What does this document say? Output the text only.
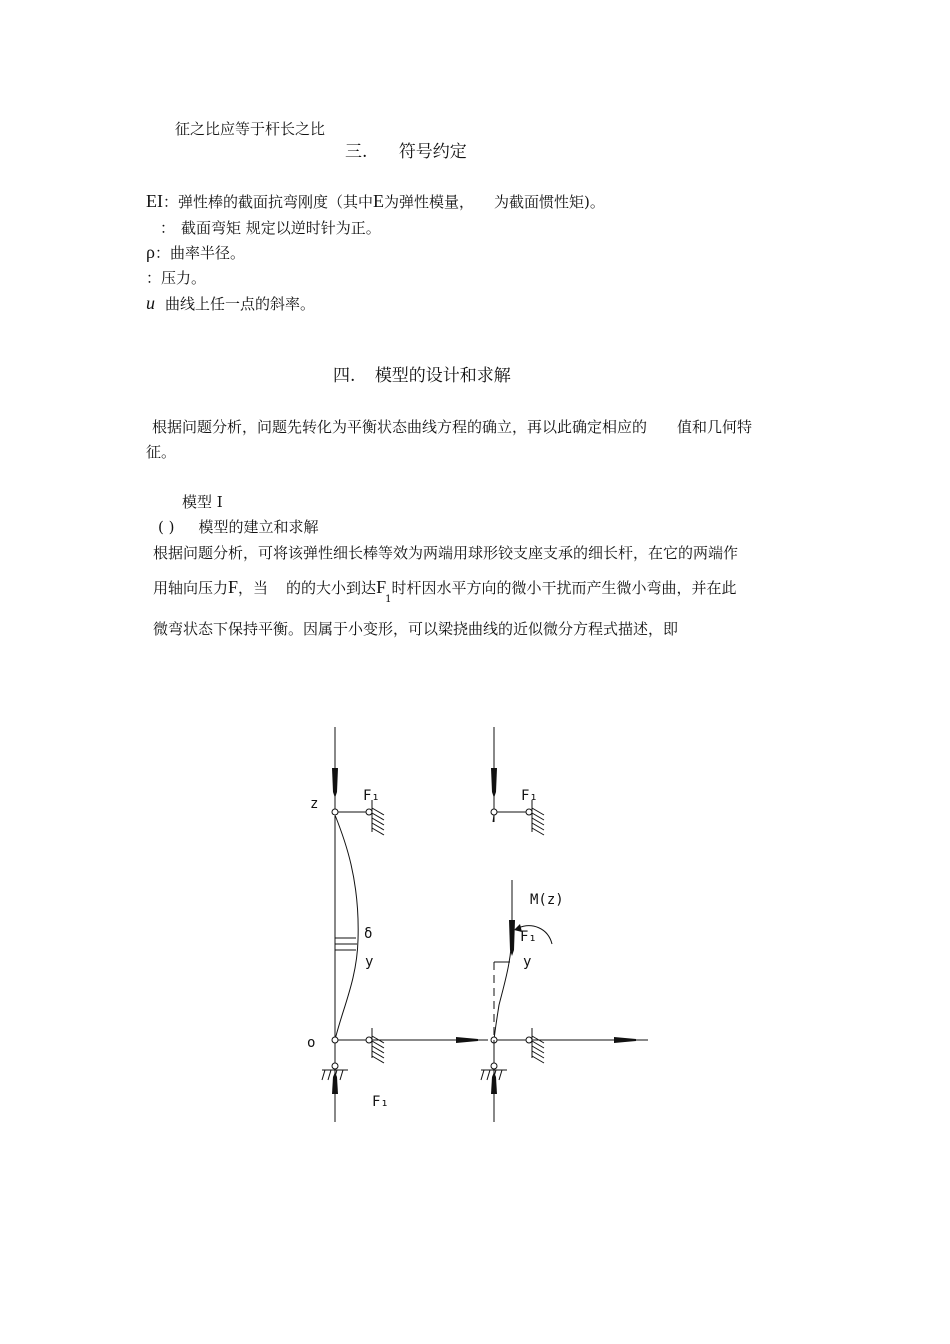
征之比应等于杆长之比
三. 符号约定
EI：弹性棒的截面抗弯刚度（其中E为弹性模量， 为截面惯性矩)。
： 截面弯矩 规定以逆时针为正。
ρ：曲率半径。
：压力。
u 曲线上任一点的斜率。
四. 模型的设计和求解
根据问题分析，问题先转化为平衡状态曲线方程的确立，再以此确定相应的 值和几何特
征。
模型 I
( ) 模型的建立和求解
根据问题分析，可将该弹性细长棒等效为两端用球形铰支座支承的细长杆，在它的两端作
用轴向压力F，当 的的大小到达$F_1$时杆因水平方向的微小干扰而产生微小弯曲，并在此
微弯状态下保持平衡。因属于小变形，可以梁挠曲线的近似微分方程式描述，即
z
o
F₁	F₁
δ
y	y
M(z)
F₁
F₁
